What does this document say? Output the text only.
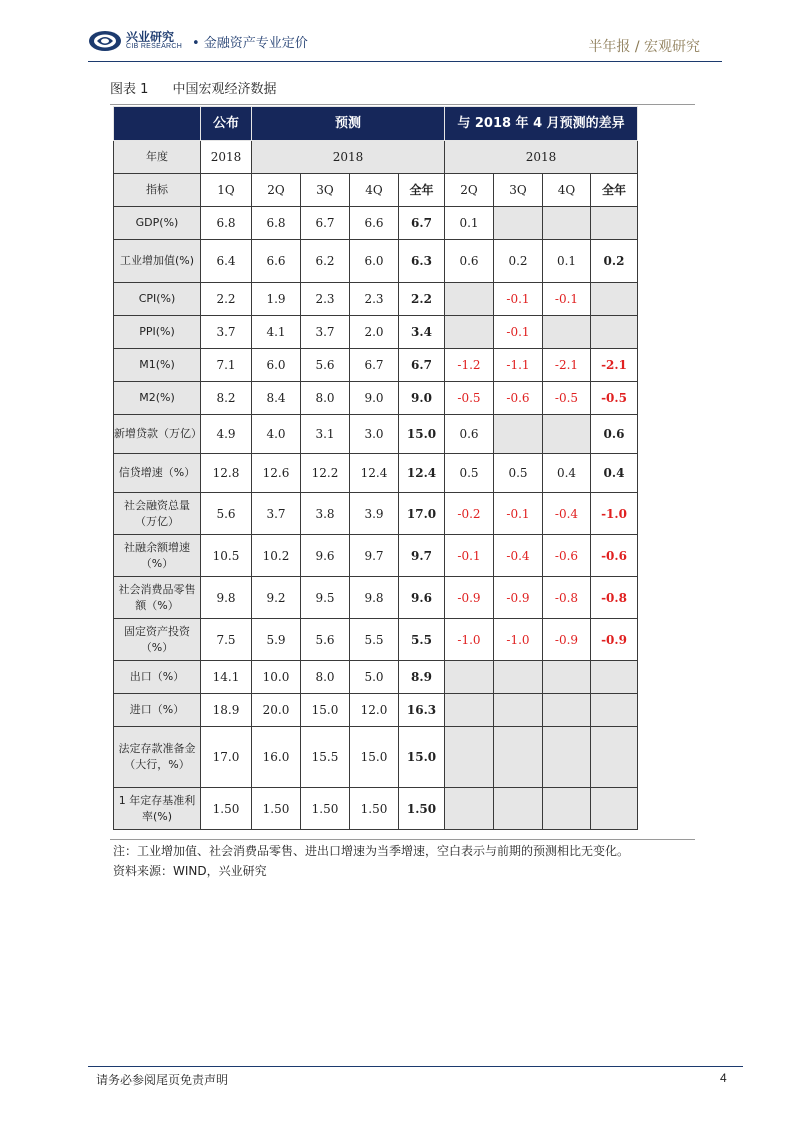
兴业研究
CIB RESEARCH • 金融资产专业定价	半年报 / 宏观研究
图表 1 中国宏观经济数据
	公布	预测				与 2018 年 4 月预测的差异			
年度	2018	2018				2018			
指标	1Q	2Q	3Q	4Q	全年	2Q	3Q	4Q	全年
GDP(%)	6.8	6.8	6.7	6.6	6.7	0.1			
工业增加值(%)	6.4	6.6	6.2	6.0	6.3	0.6	0.2	0.1	0.2
CPI(%)	2.2	1.9	2.3	2.3	2.2		-0.1	-0.1	
PPI(%)	3.7	4.1	3.7	2.0	3.4		-0.1		
M1(%)	7.1	6.0	5.6	6.7	6.7	-1.2	-1.1	-2.1	-2.1
M2(%)	8.2	8.4	8.0	9.0	9.0	-0.5	-0.6	-0.5	-0.5
新增贷款（万亿）	4.9	4.0	3.1	3.0	15.0	0.6			0.6
信贷增速（%）	12.8	12.6	12.2	12.4	12.4	0.5	0.5	0.4	0.4
社会融资总量（万亿）	5.6	3.7	3.8	3.9	17.0	-0.2	-0.1	-0.4	-1.0
社融余额增速（%）	10.5	10.2	9.6	9.7	9.7	-0.1	-0.4	-0.6	-0.6
社会消费品零售额（%）	9.8	9.2	9.5	9.8	9.6	-0.9	-0.9	-0.8	-0.8
固定资产投资（%）	7.5	5.9	5.6	5.5	5.5	-1.0	-1.0	-0.9	-0.9
出口（%）	14.1	10.0	8.0	5.0	8.9				
进口（%）	18.9	20.0	15.0	12.0	16.3				
法定存款准备金（大行，%）	17.0	16.0	15.5	15.0	15.0				
1 年定存基准利率(%)	1.50	1.50	1.50	1.50	1.50				
注：工业增加值、社会消费品零售、进出口增速为当季增速，空白表示与前期的预测相比无变化。
资料来源：WIND，兴业研究
请务必参阅尾页免责声明	4
